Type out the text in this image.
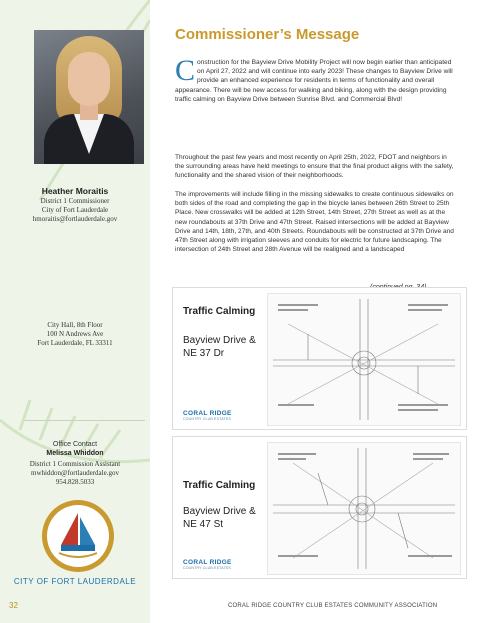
Heather Moraitis
District 1 Commissioner
City of Fort Lauderdale
hmoraitis@fortlauderdale.gov
City Hall, 8th Floor
100 N Andrews Ave
Fort Lauderdale, FL 33311
Office Contact
Melissa Whiddon
District 1 Commission Assistant
mwhiddon@fortlauderdale.gov
954.828.5033
CITY OF FORT LAUDERDALE
32
Commissioner’s Message

Construction for the Bayview Drive Mobility Project will now begin earlier than anticipated on April 27, 2022 and will continue into early 2023! These changes to Bayview Drive will provide an enhanced experience for residents in terms of functionality and overall appearance. There will be new access for walking and biking, along with the design providing traffic calming on Bayview Drive between Sunrise Blvd. and Commercial Blvd!

Throughout the past few years and most recently on April 25th, 2022, FDOT and neighbors in the surrounding areas have held meetings to ensure that the final product aligns with the safety, functionality and the shared vision of their neighborhoods.

The improvements will include filling in the missing sidewalks to create continuous sidewalks on both sides of the road and completing the gap in the bicycle lanes between 26th Street to 25th Place. New crosswalks will be added at 12th Street, 14th Street, 27th Street as well as at the new roundabouts at 37th Drive and 47th Street. Raised intersections will be added at Bayview Drive and 14th, 18th, 27th, and 40th Streets. Roundabouts will be constructed at 37th Drive and 47th Street along with irrigation sleeves and conduits for electric for future landscaping. The intersection of 24th Street and 28th Avenue will be realigned and a landscaped

Traffic Calming
Bayview Drive & NE 37 Dr
CORAL RIDGE
COUNTRY CLUB ESTATES
Traffic Calming
Bayview Drive & NE 47 St
CORAL RIDGE
COUNTRY CLUB ESTATES
CORAL RIDGE COUNTRY CLUB ESTATES COMMUNITY ASSOCIATION
